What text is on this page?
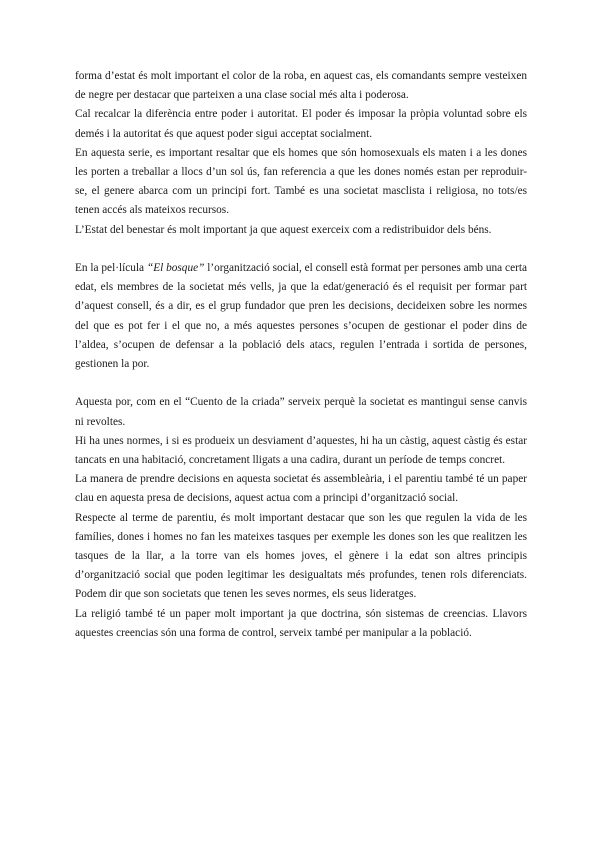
forma d’estat és molt important el color de la roba, en aquest cas, els comandants sempre vesteixen de negre per destacar que parteixen a una clase social més alta i poderosa.

Cal recalcar la diferència entre poder i autoritat. El poder és imposar la pròpia voluntad sobre els demés i la autoritat és que aquest poder sigui acceptat socialment.

En aquesta serie, es important resaltar que els homes que són homosexuals els maten i a les dones les porten a treballar a llocs d’un sol ús, fan referencia a que les dones només estan per reproduir-se, el genere abarca com un principi fort. També es una societat masclista i religiosa, no tots/es tenen accés als mateixos recursos.

L’Estat del benestar és molt important ja que aquest exerceix com a redistribuidor dels béns.

En la pel·lícula “El bosque” l’organització social, el consell està format per persones amb una certa edat, els membres de la societat més vells, ja que la edat/generació és el requisit per formar part d’aquest consell, és a dir, es el grup fundador que pren les decisions, decideixen sobre les normes del que es pot fer i el que no, a més aquestes persones s’ocupen de gestionar el poder dins de l’aldea, s’ocupen de defensar a la població dels atacs, regulen l’entrada i sortida de persones, gestionen la por.

Aquesta por, com en el “Cuento de la criada” serveix perquè la societat es mantingui sense canvis ni revoltes.

Hi ha unes normes, i si es produeix un desviament d’aquestes, hi ha un càstig, aquest càstig és estar tancats en una habitació, concretament lligats a una cadira, durant un període de temps concret.

La manera de prendre decisions en aquesta societat és assembleària, i el parentiu també té un paper clau en aquesta presa de decisions, aquest actua com a principi d’organització social.

Respecte al terme de parentiu, és molt important destacar que son les que regulen la vida de les famílies, dones i homes no fan les mateixes tasques per exemple les dones son les que realitzen les tasques de la llar, a la torre van els homes joves, el gènere i la edat son altres principis d’organització social que poden legitimar les desigualtats més profundes, tenen rols diferenciats. Podem dir que son societats que tenen les seves normes, els seus lideratges.

La religió també té un paper molt important ja que doctrina, són sistemas de creencias. Llavors aquestes creencias són una forma de control, serveix també per manipular a la població.
